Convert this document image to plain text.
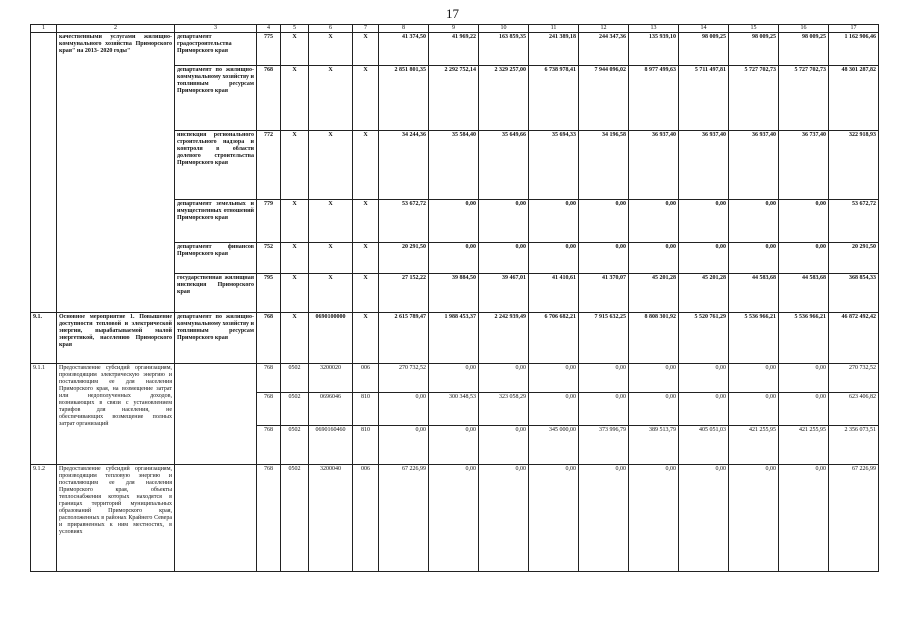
17
1	2	3	4	5	6	7	8	9	10	11	12	13	14	15	16	17
	качественными услугами жилищно-коммунального хозяйства Приморского края" на 2013- 2020 годы"	департамент градостроительства Приморского края	775	Х	Х	Х	41 374,50	41 969,22	163 859,35	241 389,18	244 347,36	135 939,10	98 009,25	98 009,25	98 009,25	1 162 906,46
		департамент по жилищно-коммунальному хозяйству и топливным ресурсам Приморского края	768	Х	Х	Х	2 851 801,35	2 292 752,14	2 329 257,00	6 738 978,41	7 944 096,02	8 977 499,63	5 711 497,81	5 727 702,73	5 727 702,73	48 301 287,82
		инспекция регионального строительного надзора и контроля в области долевого строительства Приморского края	772	Х	Х	Х	34 244,36	35 584,40	35 649,66	35 694,33	34 196,58	36 937,40	36 937,40	36 937,40	36 737,40	322 918,93
		департамент земельных и имущественных отношений Приморского края	779	Х	Х	Х	53 672,72	0,00	0,00	0,00	0,00	0,00	0,00	0,00	0,00	53 672,72
		департамент финансов Приморского края	752	Х	Х	Х	20 291,50	0,00	0,00	0,00	0,00	0,00	0,00	0,00	0,00	20 291,50
		государственная жилищная инспекция Приморского края	795	Х	Х	Х	27 152,22	39 884,50	39 467,01	41 410,61	41 370,07	45 201,28	45 201,28	44 583,68	44 583,68	368 854,33
9.1.	Основное мероприятие 1. Повышение доступности тепловой и электрической энергии, вырабатываемой малой энергетикой, населению Приморского края	департамент по жилищно-коммунальному хозяйству и топливным ресурсам Приморского края	768	Х	0690100000	Х	2 615 789,47	1 988 453,37	2 242 939,49	6 706 682,21	7 915 632,25	8 808 301,92	5 520 761,29	5 536 966,21	5 536 966,21	46 872 492,42
9.1.1	Предоставление субсидий организациям, производящим электрическую энергию и поставляющим ее для населения Приморского края, на возмещение затрат или недополученных доходов, возникающих в связи с установлением тарифов для населения, не обеспечивающих возмещение полных затрат организаций		768	0502	3200020	006	270 732,52	0,00	0,00	0,00	0,00	0,00	0,00	0,00	0,00	270 732,52
			768	0502	0696046	810	0,00	300 348,53	323 058,29	0,00	0,00	0,00	0,00	0,00	0,00	623 406,82
			768	0502	0690160460	810	0,00	0,00	0,00	345 000,00	373 996,79	389 513,79	405 051,03	421 255,95	421 255,95	2 356 073,51
9.1.2	Предоставление субсидий организациям, производящим тепловую энергию и поставляющим ее для населения Приморского края, объекты теплоснабжения которых находятся в границах территорий муниципальных образований Приморского края, расположенных в районах Крайнего Севера и приравненных к ним местностях, в условиях		768	0502	3200040	006	67 226,99	0,00	0,00	0,00	0,00	0,00	0,00	0,00	0,00	67 226,99
